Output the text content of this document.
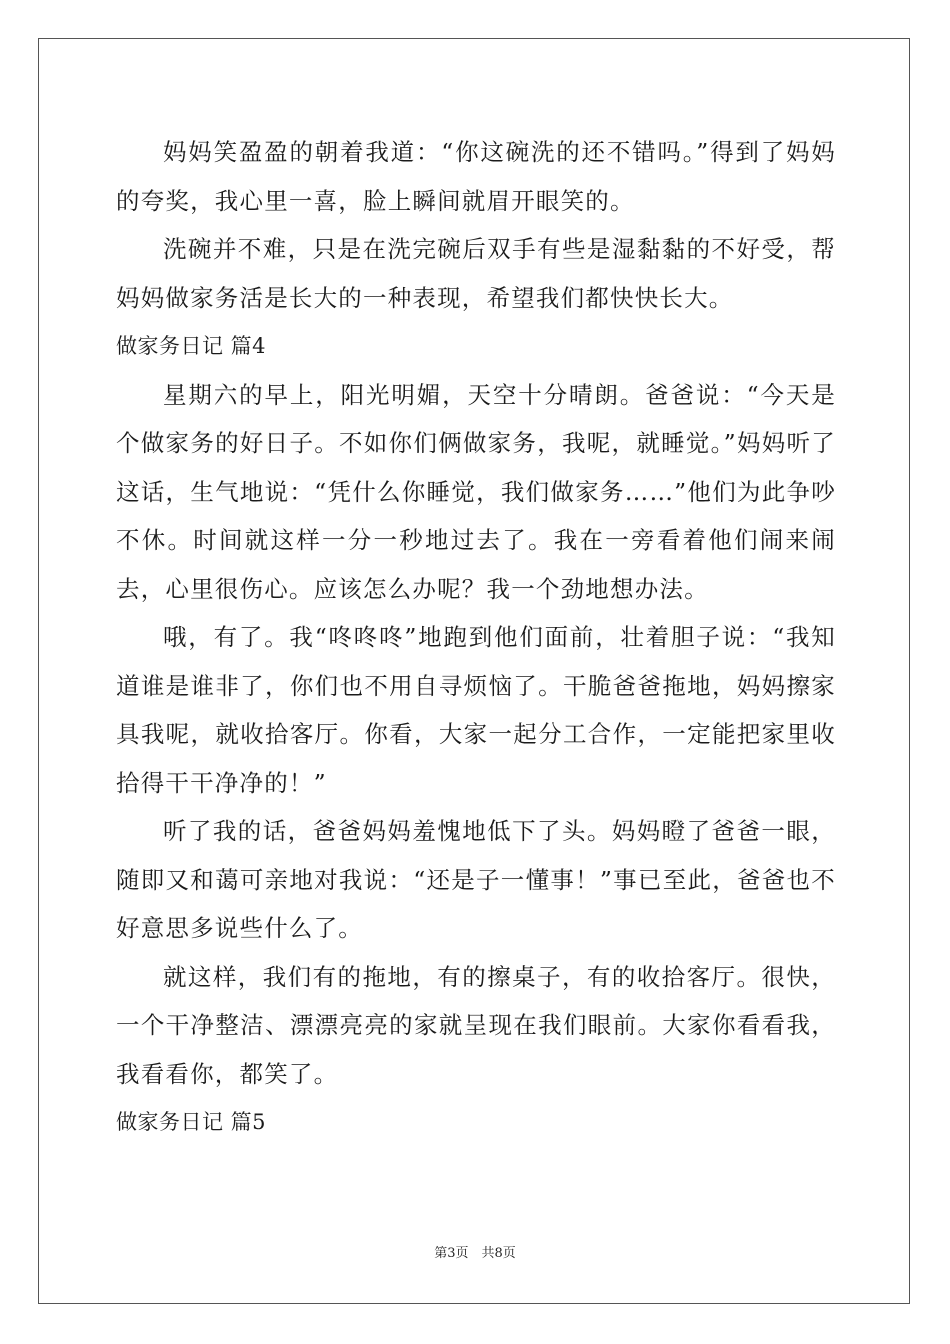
妈妈笑盈盈的朝着我道：“你这碗洗的还不错吗。”得到了妈妈的夸奖，我心里一喜，脸上瞬间就眉开眼笑的。

洗碗并不难，只是在洗完碗后双手有些是湿黏黏的不好受，帮妈妈做家务活是长大的一种表现，希望我们都快快长大。

做家务日记 篇4

星期六的早上，阳光明媚，天空十分晴朗。爸爸说：“今天是个做家务的好日子。不如你们俩做家务，我呢，就睡觉。”妈妈听了这话，生气地说：“凭什么你睡觉，我们做家务……”他们为此争吵不休。时间就这样一分一秒地过去了。我在一旁看着他们闹来闹去，心里很伤心。应该怎么办呢？我一个劲地想办法。

哦，有了。我“咚咚咚”地跑到他们面前，壮着胆子说：“我知道谁是谁非了，你们也不用自寻烦恼了。干脆爸爸拖地，妈妈擦家具我呢，就收拾客厅。你看，大家一起分工合作，一定能把家里收拾得干干净净的！”

听了我的话，爸爸妈妈羞愧地低下了头。妈妈瞪了爸爸一眼，随即又和蔼可亲地对我说：“还是子一懂事！”事已至此，爸爸也不好意思多说些什么了。

就这样，我们有的拖地，有的擦桌子，有的收拾客厅。很快，一个干净整洁、漂漂亮亮的家就呈现在我们眼前。大家你看看我，我看看你，都笑了。

做家务日记 篇5

第3页　共8页
